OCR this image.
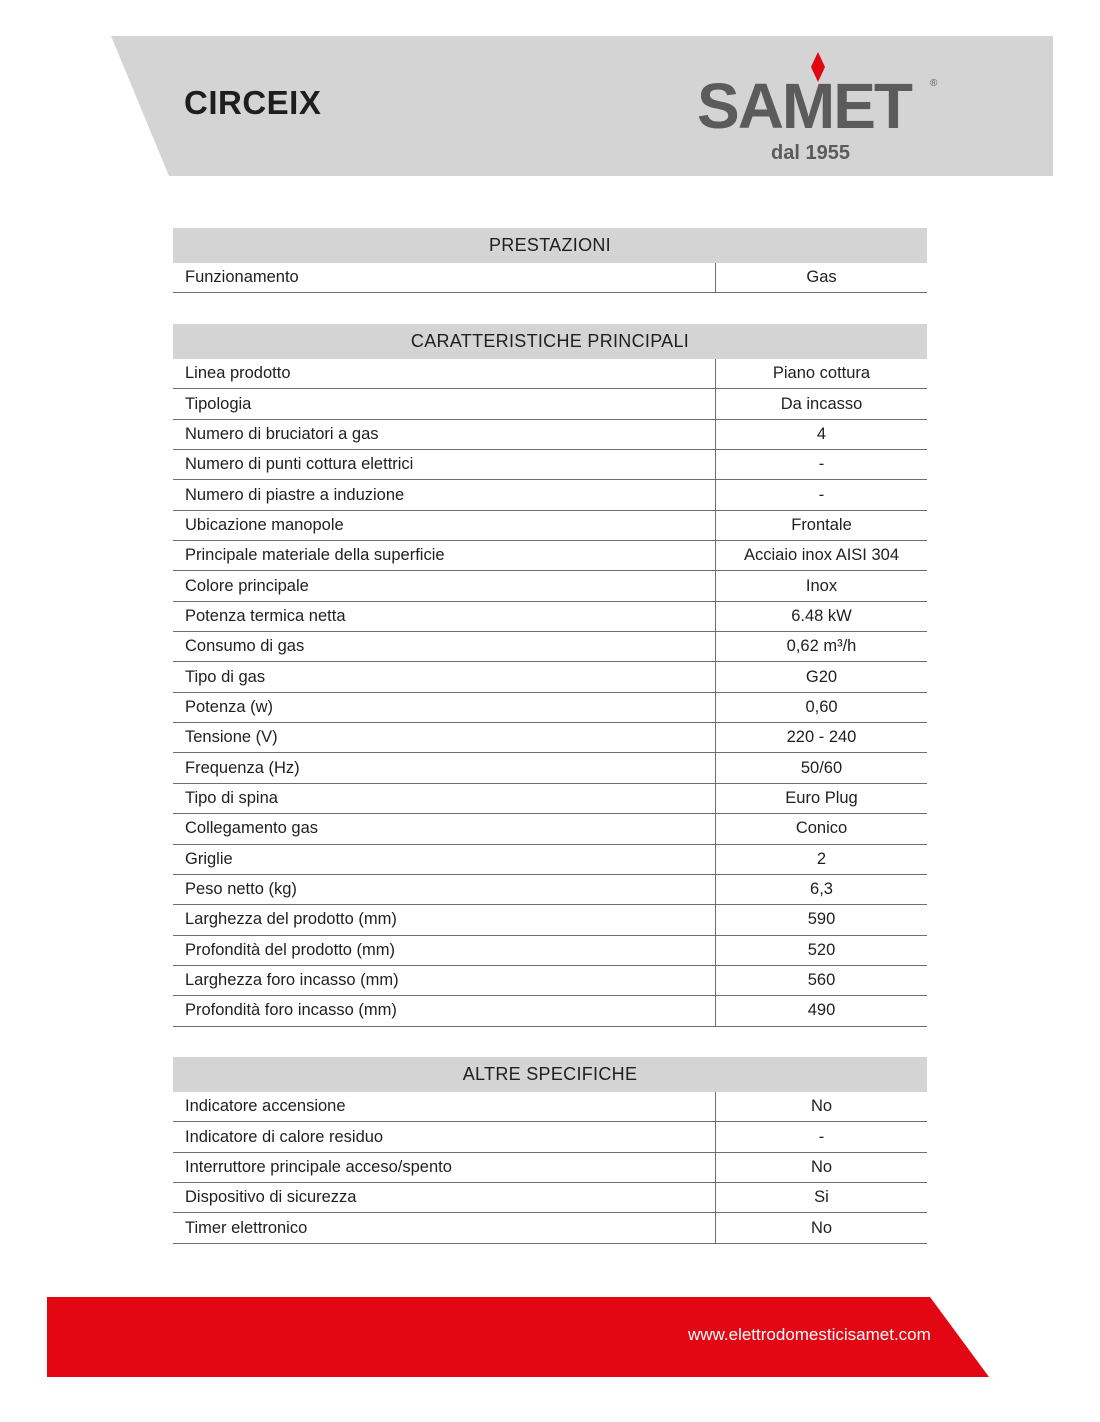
CIRCEIX	SAMET ®
dal 1955
PRESTAZIONI
Funzionamento	Gas
CARATTERISTICHE PRINCIPALI
Linea prodotto	Piano cottura
Tipologia	Da incasso
Numero di bruciatori a gas	4
Numero di punti cottura elettrici	-
Numero di piastre a induzione	-
Ubicazione manopole	Frontale
Principale materiale della superficie	Acciaio inox AISI 304
Colore principale	Inox
Potenza termica netta	6.48 kW
Consumo di gas	0,62 m³/h
Tipo di gas	G20
Potenza (w)	0,60
Tensione (V)	220 - 240
Frequenza (Hz)	50/60
Tipo di spina	Euro Plug
Collegamento gas	Conico
Griglie	2
Peso netto (kg)	6,3
Larghezza del prodotto (mm)	590
Profondità del prodotto (mm)	520
Larghezza foro incasso (mm)	560
Profondità foro incasso (mm)	490
ALTRE SPECIFICHE
Indicatore accensione	No
Indicatore di calore residuo	-
Interruttore principale acceso/spento	No
Dispositivo di sicurezza	Si
Timer elettronico	No
www.elettrodomesticisamet.com
